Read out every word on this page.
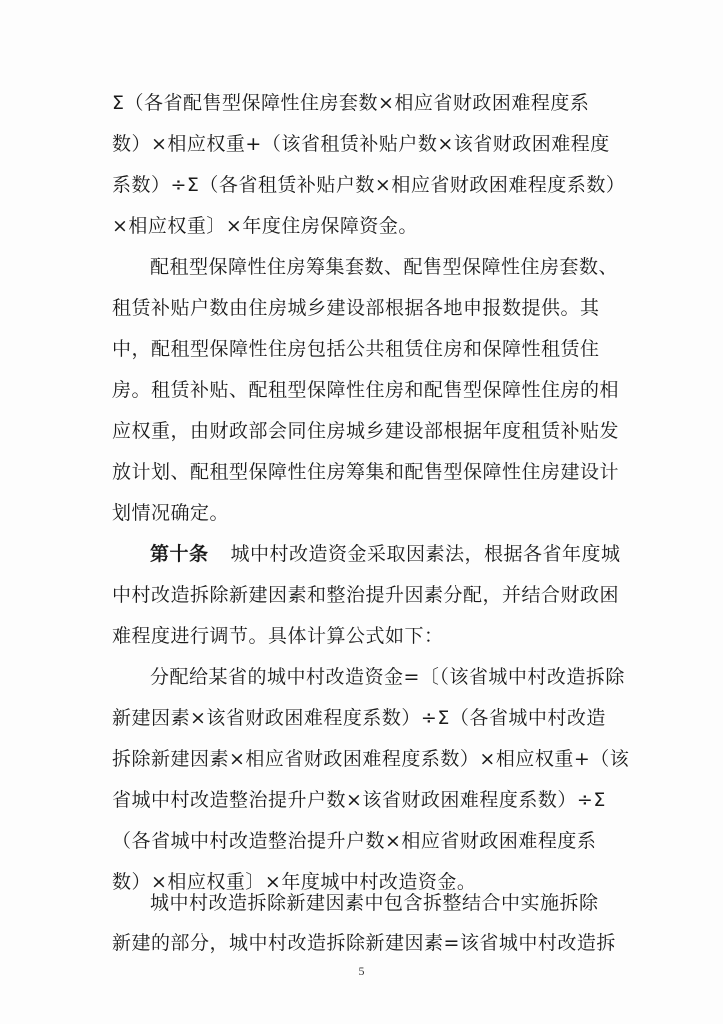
Σ（各省配售型保障性住房套数×相应省财政困难程度系
数）×相应权重+（该省租赁补贴户数×该省财政困难程度
系数）÷Σ（各省租赁补贴户数×相应省财政困难程度系数）
×相应权重〕×年度住房保障资金。
配租型保障性住房筹集套数、配售型保障性住房套数、
租赁补贴户数由住房城乡建设部根据各地申报数提供。其
中，配租型保障性住房包括公共租赁住房和保障性租赁住
房。租赁补贴、配租型保障性住房和配售型保障性住房的相
应权重，由财政部会同住房城乡建设部根据年度租赁补贴发
放计划、配租型保障性住房筹集和配售型保障性住房建设计
划情况确定。
第十条 城中村改造资金采取因素法，根据各省年度城
中村改造拆除新建因素和整治提升因素分配，并结合财政困
难程度进行调节。具体计算公式如下：
分配给某省的城中村改造资金=〔（该省城中村改造拆除
新建因素×该省财政困难程度系数）÷Σ（各省城中村改造
拆除新建因素×相应省财政困难程度系数）×相应权重+（该
省城中村改造整治提升户数×该省财政困难程度系数）÷Σ
（各省城中村改造整治提升户数×相应省财政困难程度系
数）×相应权重〕×年度城中村改造资金。
城中村改造拆除新建因素中包含拆整结合中实施拆除
新建的部分，城中村改造拆除新建因素=该省城中村改造拆
5
